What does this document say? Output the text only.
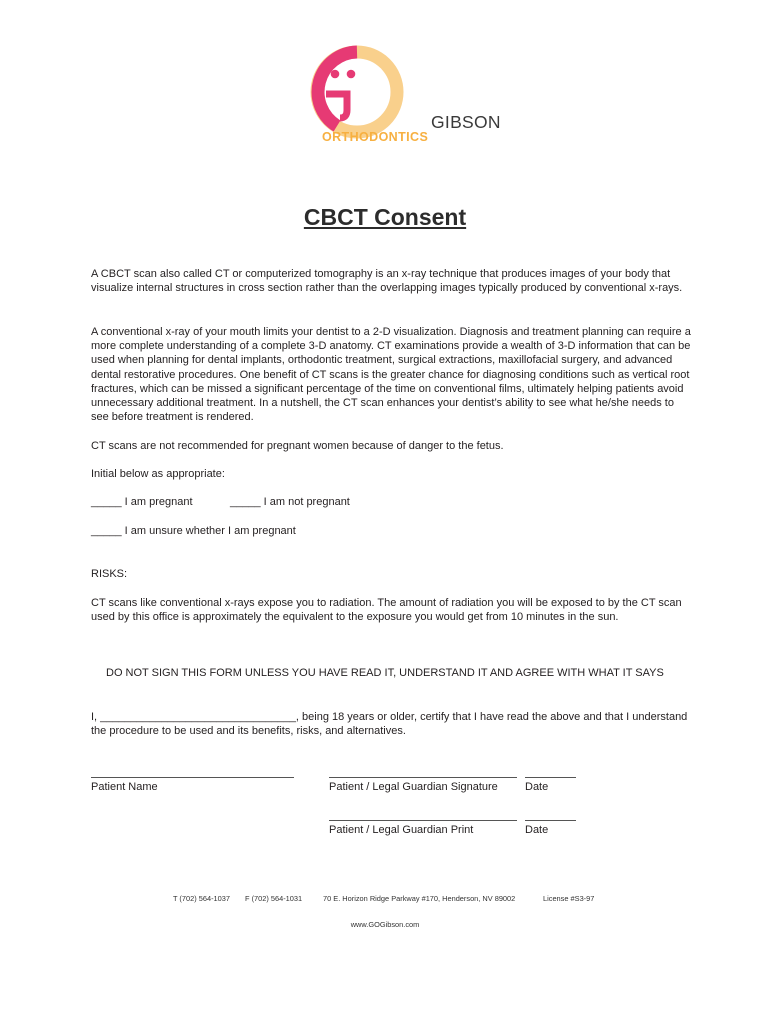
GIBSON
ORTHODONTICS
CBCT Consent

A CBCT scan also called CT or computerized tomography is an x-ray technique that produces images of your body that visualize internal structures in cross section rather than the overlapping images typically produced by conventional x-rays.

A conventional x-ray of your mouth limits your dentist to a 2-D visualization. Diagnosis and treatment planning can require a more complete understanding of a complete 3-D anatomy. CT examinations provide a wealth of 3-D information that can be used when planning for dental implants, orthodontic treatment, surgical extractions, maxillofacial surgery, and advanced dental restorative procedures. One benefit of CT scans is the greater chance for diagnosing conditions such as vertical root fractures, which can be missed a significant percentage of the time on conventional films, ultimately helping patients avoid unnecessary additional treatment. In a nutshell, the CT scan enhances your dentist’s ability to see what he/she needs to see before treatment is rendered.

CT scans are not recommended for pregnant women because of danger to the fetus.

Initial below as appropriate:

_____ I am pregnant	_____ I am not pregnant
_____ I am unsure whether I am pregnant

RISKS:

CT scans like conventional x-rays expose you to radiation. The amount of radiation you will be exposed to by the CT scan used by this office is approximately the equivalent to the exposure you would get from 10 minutes in the sun.

DO NOT SIGN THIS FORM UNLESS YOU HAVE READ IT, UNDERSTAND IT AND AGREE WITH WHAT IT SAYS

I, ________________________________, being 18 years or older, certify that I have read the above and that I understand the procedure to be used and its benefits, risks, and alternatives.

Patient Name	Patient / Legal Guardian Signature Date
Patient / Legal Guardian Print	Date
T (702) 564-1037 F (702) 564-1031	70 E. Horizon Ridge Parkway #170, Henderson, NV 89002	License #S3-97
www.GOGibson.com
